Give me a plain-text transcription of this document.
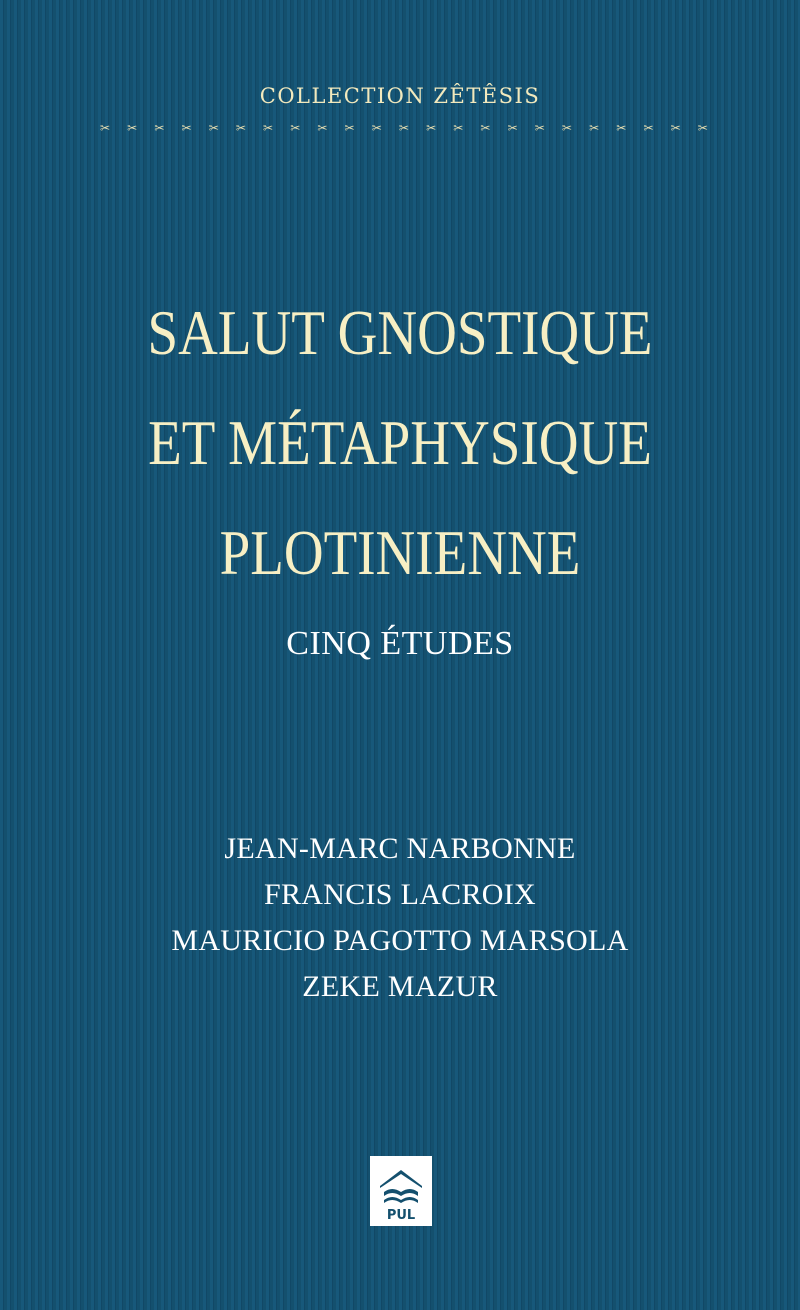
COLLECTION ZÊTÊSIS
✂ ✂ ✂ ✂ ✂ ✂ ✂ ✂ ✂ ✂ ✂ ✂ ✂ ✂ ✂ ✂ ✂ ✂ ✂ ✂ ✂ ✂ ✂
SALUT GNOSTIQUE
ET MÉTAPHYSIQUE
PLOTINIENNE
CINQ ÉTUDES
JEAN-MARC NARBONNE
FRANCIS LACROIX
MAURICIO PAGOTTO MARSOLA
ZEKE MAZUR
PUL
